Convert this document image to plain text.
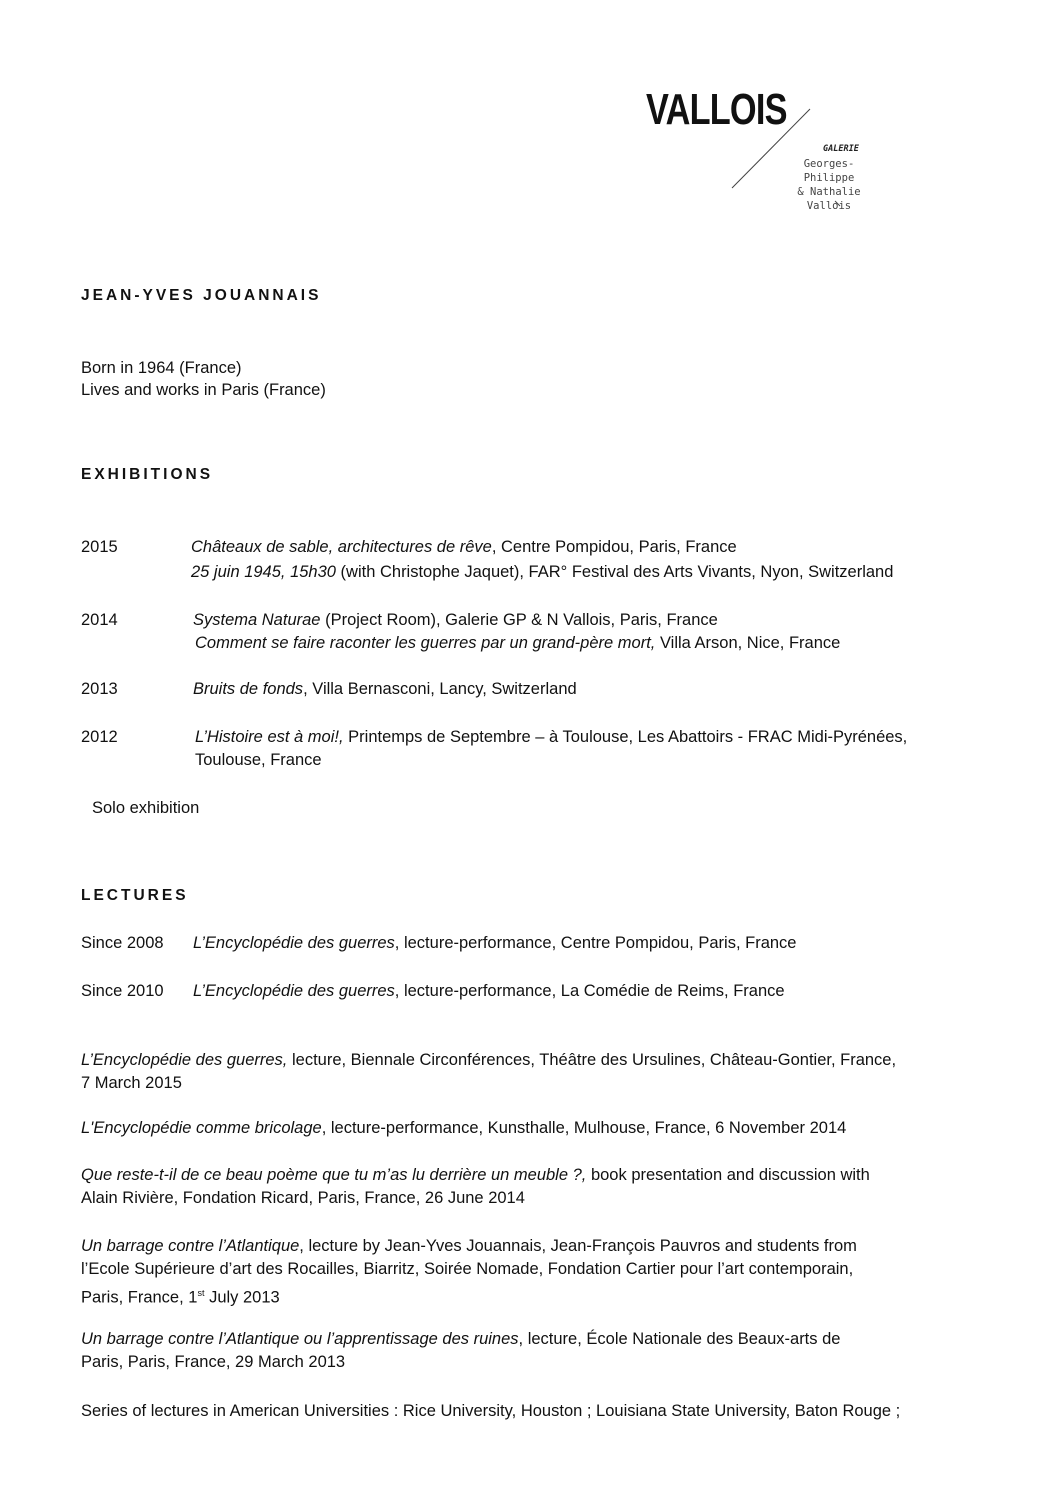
VALLOIS
GALERIE
Georges-Philippe
& Nathalie
Vallois
JEAN-YVES JOUANNAIS
Born in 1964 (France)
Lives and works in Paris (France)
EXHIBITIONS
2015	Châteaux de sable, architectures de rêve, Centre Pompidou, Paris, France
25 juin 1945, 15h30 (with Christophe Jaquet), FAR° Festival des Arts Vivants, Nyon, Switzerland
2014	Systema Naturae (Project Room), Galerie GP & N Vallois, Paris, France
Comment se faire raconter les guerres par un grand-père mort, Villa Arson, Nice, France
2013	Bruits de fonds, Villa Bernasconi, Lancy, Switzerland
2012	L’Histoire est à moi!, Printemps de Septembre – à Toulouse, Les Abattoirs - FRAC Midi-Pyrénées,
Toulouse, France
Solo exhibition
LECTURES
Since 2008 L’Encyclopédie des guerres, lecture-performance, Centre Pompidou, Paris, France
Since 2010 L’Encyclopédie des guerres, lecture-performance, La Comédie de Reims, France
L’Encyclopédie des guerres, lecture, Biennale Circonférences, Théâtre des Ursulines, Château-Gontier, France,
7 March 2015
L'Encyclopédie comme bricolage, lecture-performance, Kunsthalle, Mulhouse, France, 6 November 2014
Que reste-t-il de ce beau poème que tu m’as lu derrière un meuble ?, book presentation and discussion with
Alain Rivière, Fondation Ricard, Paris, France, 26 June 2014
Un barrage contre l’Atlantique, lecture by Jean-Yves Jouannais, Jean-François Pauvros and students from
l’Ecole Supérieure d’art des Rocailles, Biarritz, Soirée Nomade, Fondation Cartier pour l’art contemporain,
Paris, France, 1st July 2013
Un barrage contre l’Atlantique ou l’apprentissage des ruines, lecture, École Nationale des Beaux-arts de
Paris, Paris, France, 29 March 2013
Series of lectures in American Universities : Rice University, Houston ; Louisiana State University, Baton Rouge ;
